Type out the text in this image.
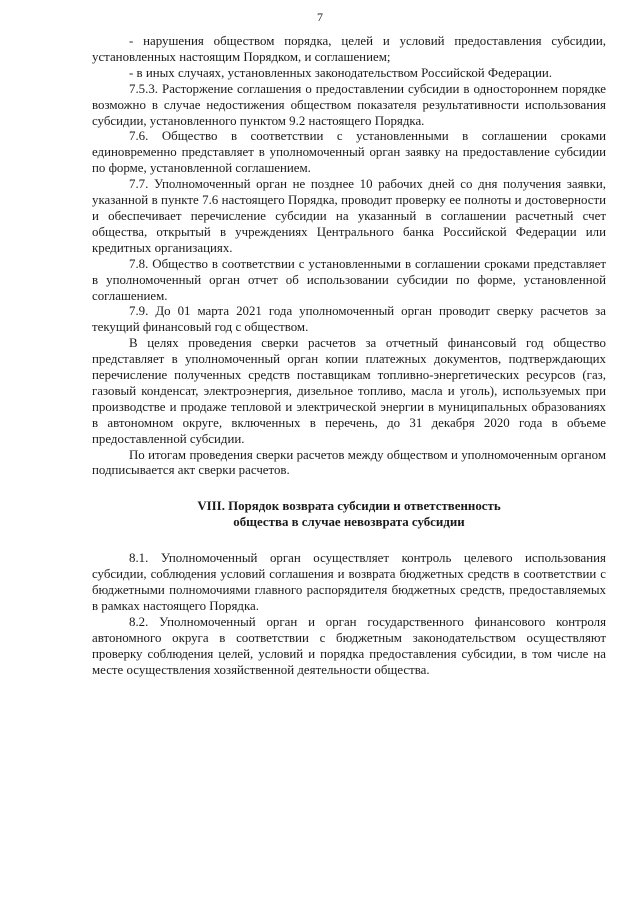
7

- нарушения обществом порядка, целей и условий предоставления субсидии, установленных настоящим Порядком, и соглашением;

- в иных случаях, установленных законодательством Российской Федерации.

7.5.3. Расторжение соглашения о предоставлении субсидии в одностороннем порядке возможно в случае недостижения обществом показателя результативности использования субсидии, установленного пунктом 9.2 настоящего Порядка.

7.6. Общество в соответствии с установленными в соглашении сроками единовременно представляет в уполномоченный орган заявку на предоставление субсидии по форме, установленной соглашением.

7.7. Уполномоченный орган не позднее 10 рабочих дней со дня получения заявки, указанной в пункте 7.6 настоящего Порядка, проводит проверку ее полноты и достоверности и обеспечивает перечисление субсидии на указанный в соглашении расчетный счет общества, открытый в учреждениях Центрального банка Российской Федерации или кредитных организациях.

7.8. Общество в соответствии с установленными в соглашении сроками представляет в уполномоченный орган отчет об использовании субсидии по форме, установленной соглашением.

7.9. До 01 марта 2021 года уполномоченный орган проводит сверку расчетов за текущий финансовый год с обществом.

В целях проведения сверки расчетов за отчетный финансовый год общество представляет в уполномоченный орган копии платежных документов, подтверждающих перечисление полученных средств поставщикам топливно-энергетических ресурсов (газ, газовый конденсат, электроэнергия, дизельное топливо, масла и уголь), используемых при производстве и продаже тепловой и электрической энергии в муниципальных образованиях в автономном округе, включенных в перечень, до 31 декабря 2020 года в объеме предоставленной субсидии.

По итогам проведения сверки расчетов между обществом и уполномоченным органом подписывается акт сверки расчетов.

VIII. Порядок возврата субсидии и ответственность
общества в случае невозврата субсидии

8.1. Уполномоченный орган осуществляет контроль целевого использования субсидии, соблюдения условий соглашения и возврата бюджетных средств в соответствии с бюджетными полномочиями главного распорядителя бюджетных средств, предоставляемых в рамках настоящего Порядка.

8.2. Уполномоченный орган и орган государственного финансового контроля автономного округа в соответствии с бюджетным законодательством осуществляют проверку соблюдения целей, условий и порядка предоставления субсидии, в том числе на месте осуществления хозяйственной деятельности общества.
